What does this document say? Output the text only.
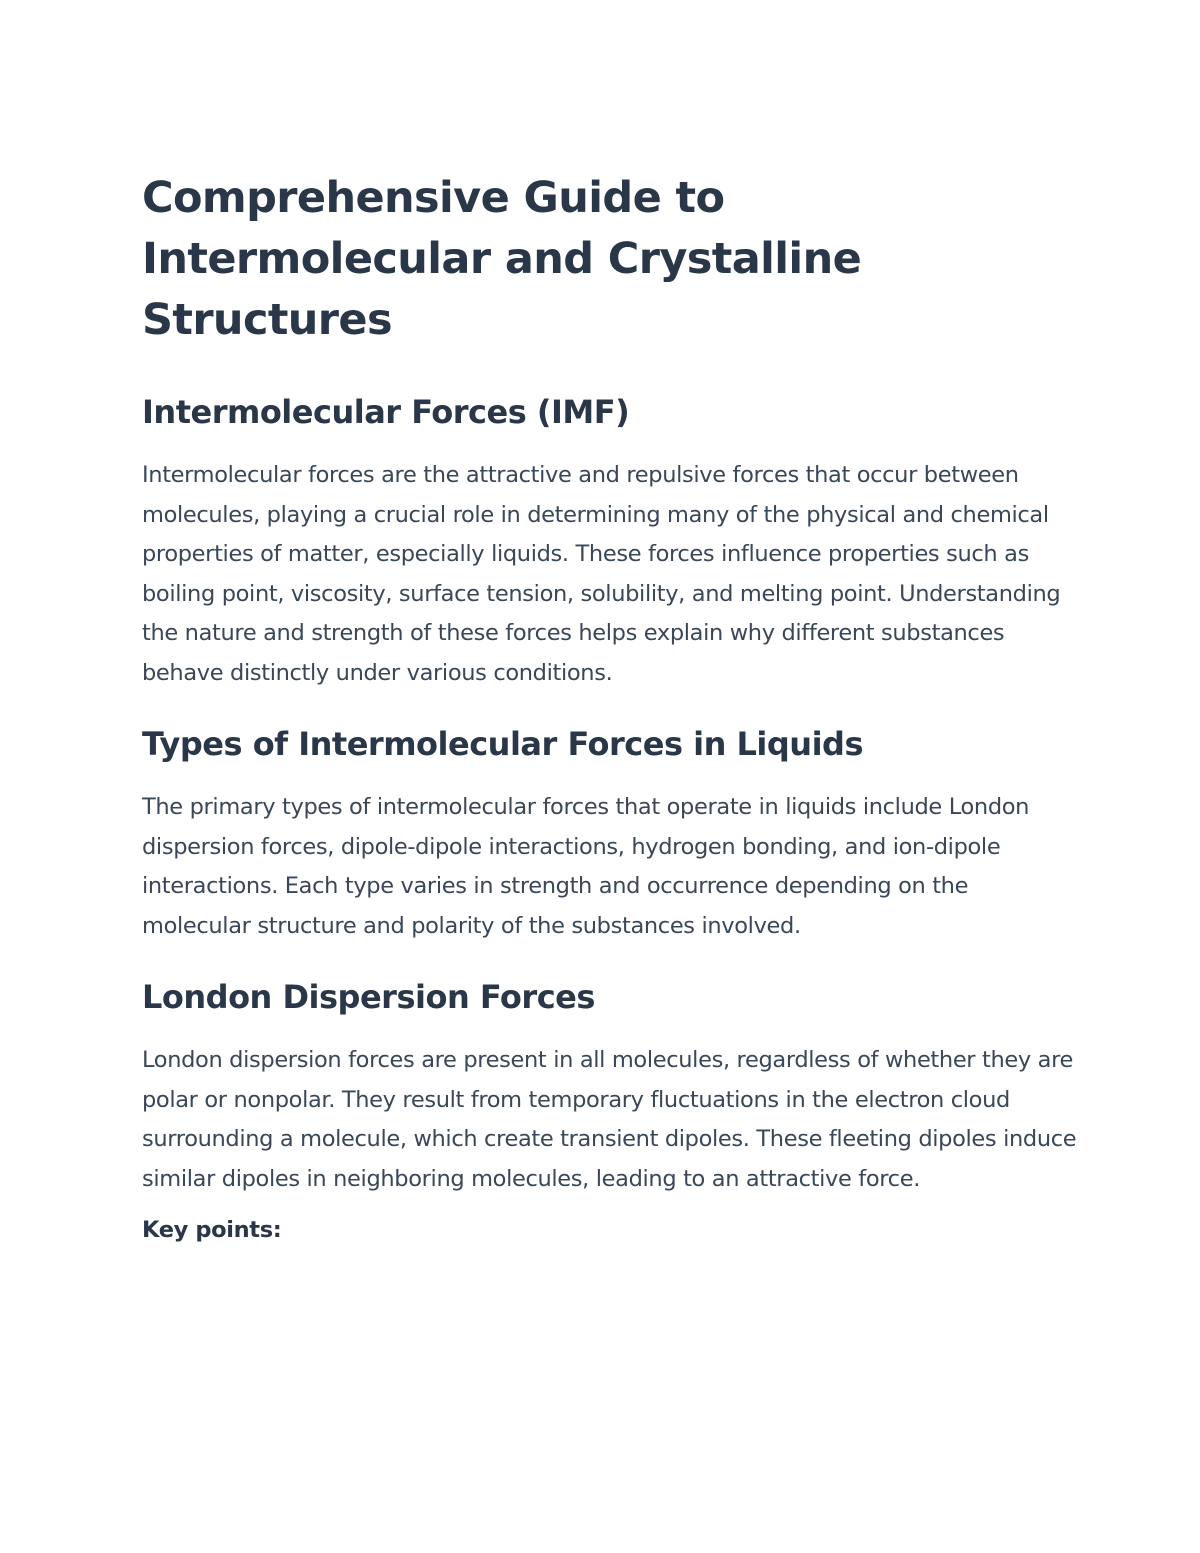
Comprehensive Guide to Intermolecular and Crystalline Structures
Intermolecular Forces (IMF)

Intermolecular forces are the attractive and repulsive forces that occur between molecules, playing a crucial role in determining many of the physical and chemical properties of matter, especially liquids. These forces influence properties such as boiling point, viscosity, surface tension, solubility, and melting point. Understanding the nature and strength of these forces helps explain why different substances behave distinctly under various conditions.

Types of Intermolecular Forces in Liquids

The primary types of intermolecular forces that operate in liquids include London dispersion forces, dipole-dipole interactions, hydrogen bonding, and ion-dipole interactions. Each type varies in strength and occurrence depending on the molecular structure and polarity of the substances involved.

London Dispersion Forces

London dispersion forces are present in all molecules, regardless of whether they are polar or nonpolar. They result from temporary fluctuations in the electron cloud surrounding a molecule, which create transient dipoles. These fleeting dipoles induce similar dipoles in neighboring molecules, leading to an attractive force.

Key points:
